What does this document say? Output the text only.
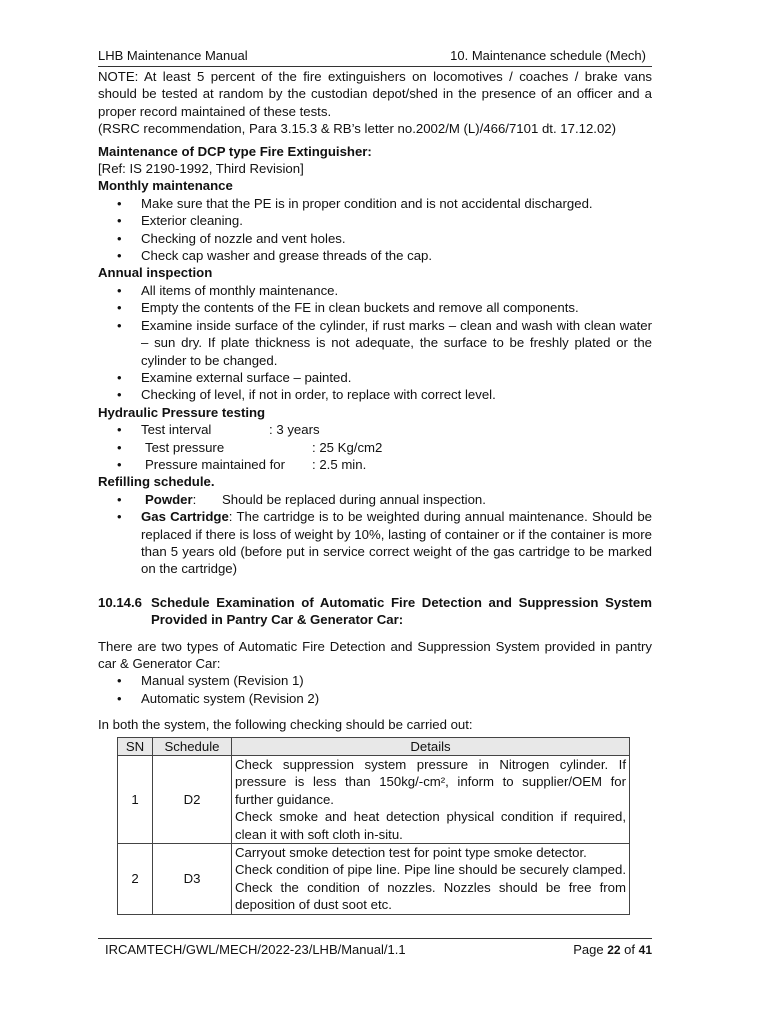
LHB Maintenance Manual	10. Maintenance schedule (Mech)

NOTE: At least 5 percent of the fire extinguishers on locomotives / coaches / brake vans should be tested at random by the custodian depot/shed in the presence of an officer and a proper record maintained of these tests.

(RSRC recommendation, Para 3.15.3 & RB’s letter no.2002/M (L)/466/7101 dt. 17.12.02)

Maintenance of DCP type Fire Extinguisher:

[Ref: IS 2190-1992, Third Revision]

Monthly maintenance

• Make sure that the PE is in proper condition and is not accidental discharged.
• Exterior cleaning.
• Checking of nozzle and vent holes.
• Check cap washer and grease threads of the cap.

Annual inspection

• All items of monthly maintenance.
• Empty the contents of the FE in clean buckets and remove all components.
• Examine inside surface of the cylinder, if rust marks – clean and wash with clean water – sun dry. If plate thickness is not adequate, the surface to be freshly plated or the cylinder to be changed.
• Examine external surface – painted.
• Checking of level, if not in order, to replace with correct level.

Hydraulic Pressure testing

• Test interval	: 3 years
• Test pressure	: 25 Kg/cm2
• Pressure maintained for : 2.5 min.

Refilling schedule.

• Powder:       Should be replaced during annual inspection.
• Gas Cartridge: The cartridge is to be weighted during annual maintenance. Should be replaced if there is loss of weight by 10%, lasting of container or if the container is more than 5 years old (before put in service correct weight of the gas cartridge to be marked on the cartridge)
10.14.6 Schedule Examination of Automatic Fire Detection and Suppression System Provided in Pantry Car & Generator Car:

There are two types of Automatic Fire Detection and Suppression System provided in pantry car & Generator Car:

• Manual system (Revision 1)
• Automatic system (Revision 2)

In both the system, the following checking should be carried out:

SN	Schedule	Details
1	D2	Check suppression system pressure in Nitrogen cylinder. If pressure is less than 150kg/-cm², inform to supplier/OEM for further guidance.
Check smoke and heat detection physical condition if required, clean it with soft cloth in-situ.

2	D3	Carryout smoke detection test for point type smoke detector.
Check condition of pipe line. Pipe line should be securely clamped. Check the condition of nozzles. Nozzles should be free from deposition of dust soot etc.
IRCAMTECH/GWL/MECH/2022-23/LHB/Manual/1.1	Page 22 of 41
